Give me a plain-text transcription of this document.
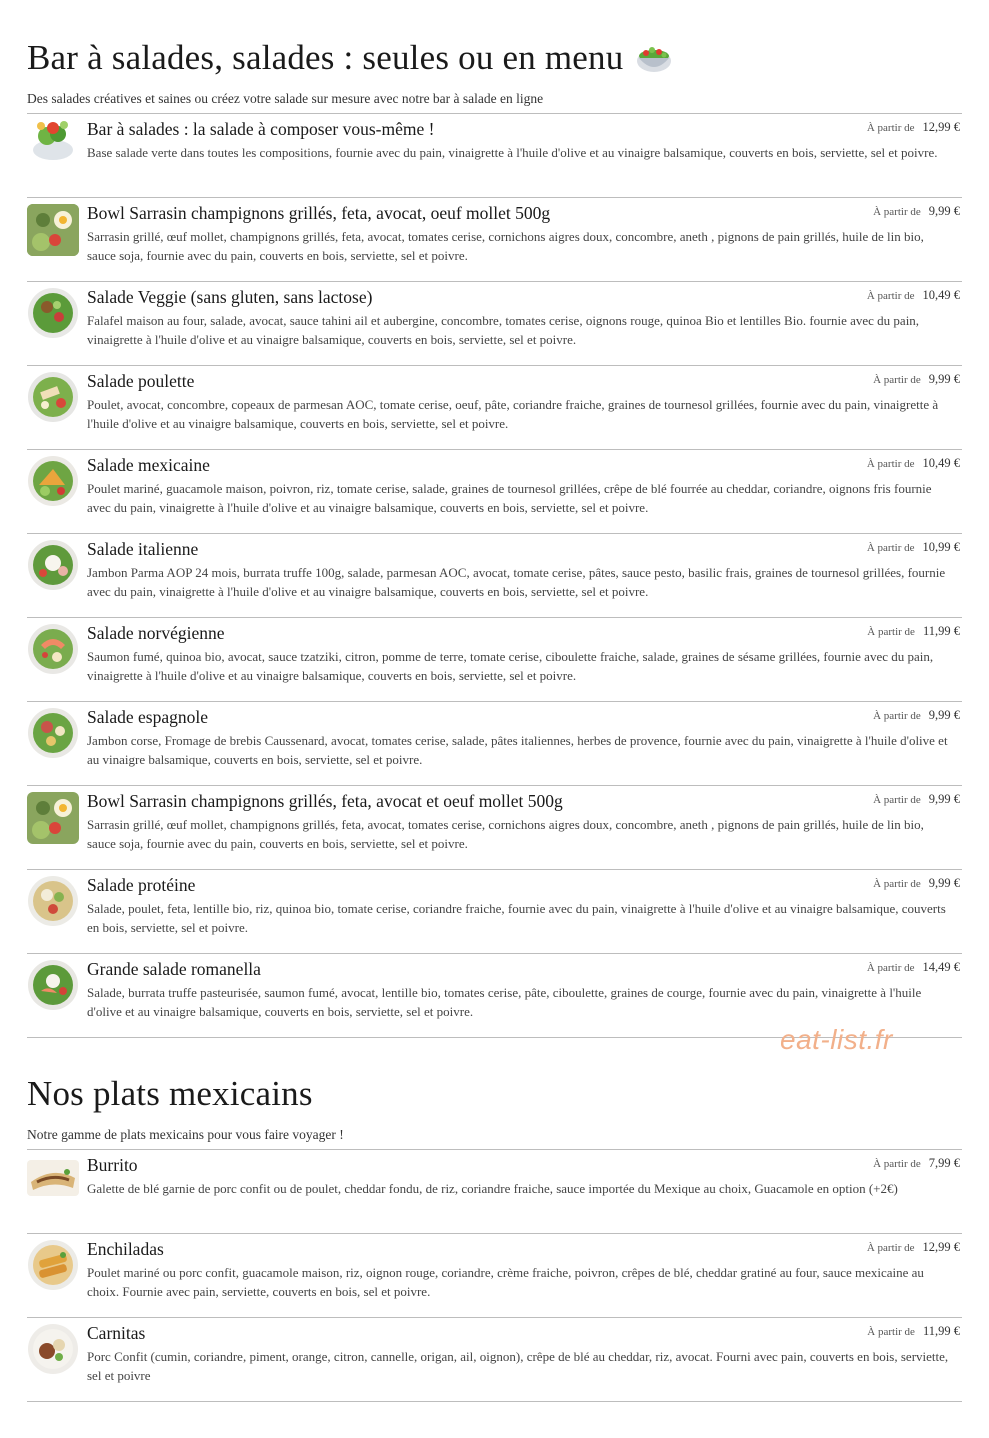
Bar à salades, salades : seules ou en menu

Des salades créatives et saines ou créez votre salade sur mesure avec notre bar à salade en ligne

Bar à salades : la salade à composer vous-même !

Base salade verte dans toutes les compositions, fournie avec du pain, vinaigrette à l'huile d'olive et au vinaigre balsamique, couverts en bois, serviette, sel et poivre.

À partir de 12,99 €

Bowl Sarrasin champignons grillés, feta, avocat, oeuf mollet 500g

Sarrasin grillé, œuf mollet, champignons grillés, feta, avocat, tomates cerise, cornichons aigres doux, concombre, aneth , pignons de pain grillés, huile de lin bio, sauce soja, fournie avec du pain, couverts en bois, serviette, sel et poivre.

À partir de 9,99 €

Salade Veggie (sans gluten, sans lactose)

Falafel maison au four, salade, avocat, sauce tahini ail et aubergine, concombre, tomates cerise, oignons rouge, quinoa Bio et lentilles Bio. fournie avec du pain, vinaigrette à l'huile d'olive et au vinaigre balsamique, couverts en bois, serviette, sel et poivre.

À partir de 10,49 €

Salade poulette

Poulet, avocat, concombre, copeaux de parmesan AOC, tomate cerise, oeuf, pâte, coriandre fraiche, graines de tournesol grillées, fournie avec du pain, vinaigrette à l'huile d'olive et au vinaigre balsamique, couverts en bois, serviette, sel et poivre.

À partir de 9,99 €

Salade mexicaine

Poulet mariné, guacamole maison, poivron, riz, tomate cerise, salade, graines de tournesol grillées, crêpe de blé fourrée au cheddar, coriandre, oignons fris fournie avec du pain, vinaigrette à l'huile d'olive et au vinaigre balsamique, couverts en bois, serviette, sel et poivre.

À partir de 10,49 €

Salade italienne

Jambon Parma AOP 24 mois, burrata truffe 100g, salade, parmesan AOC, avocat, tomate cerise, pâtes, sauce pesto, basilic frais, graines de tournesol grillées, fournie avec du pain, vinaigrette à l'huile d'olive et au vinaigre balsamique, couverts en bois, serviette, sel et poivre.

À partir de 10,99 €

Salade norvégienne

Saumon fumé, quinoa bio, avocat, sauce tzatziki, citron, pomme de terre, tomate cerise, ciboulette fraiche, salade, graines de sésame grillées, fournie avec du pain, vinaigrette à l'huile d'olive et au vinaigre balsamique, couverts en bois, serviette, sel et poivre.

À partir de 11,99 €

Salade espagnole

Jambon corse, Fromage de brebis Caussenard, avocat, tomates cerise, salade, pâtes italiennes, herbes de provence, fournie avec du pain, vinaigrette à l'huile d'olive et au vinaigre balsamique, couverts en bois, serviette, sel et poivre.

À partir de 9,99 €

Bowl Sarrasin champignons grillés, feta, avocat et oeuf mollet 500g

Sarrasin grillé, œuf mollet, champignons grillés, feta, avocat, tomates cerise, cornichons aigres doux, concombre, aneth , pignons de pain grillés, huile de lin bio, sauce soja, fournie avec du pain, couverts en bois, serviette, sel et poivre.

À partir de 9,99 €

Salade protéine

Salade, poulet, feta, lentille bio, riz, quinoa bio, tomate cerise, coriandre fraiche, fournie avec du pain, vinaigrette à l'huile d'olive et au vinaigre balsamique, couverts en bois, serviette, sel et poivre.

À partir de 9,99 €

Grande salade romanella

Salade, burrata truffe pasteurisée, saumon fumé, avocat, lentille bio, tomates cerise, pâte, ciboulette, graines de courge, fournie avec du pain, vinaigrette à l'huile d'olive et au vinaigre balsamique, couverts en bois, serviette, sel et poivre.

À partir de 14,49 €
Nos plats mexicains

Notre gamme de plats mexicains pour vous faire voyager !

Burrito

Galette de blé garnie de porc confit ou de poulet, cheddar fondu, de riz, coriandre fraiche, sauce importée du Mexique au choix, Guacamole en option (+2€)

À partir de 7,99 €

Enchiladas

Poulet mariné ou porc confit, guacamole maison, riz, oignon rouge, coriandre, crème fraiche, poivron, crêpes de blé, cheddar gratiné au four, sauce mexicaine au choix. Fournie avec pain, serviette, couverts en bois, sel et poivre.

À partir de 12,99 €

Carnitas

Porc Confit (cumin, coriandre, piment, orange, citron, cannelle, origan, ail, oignon), crêpe de blé au cheddar, riz, avocat. Fourni avec pain, couverts en bois, serviette, sel et poivre

À partir de 11,99 €
eat-list.fr
